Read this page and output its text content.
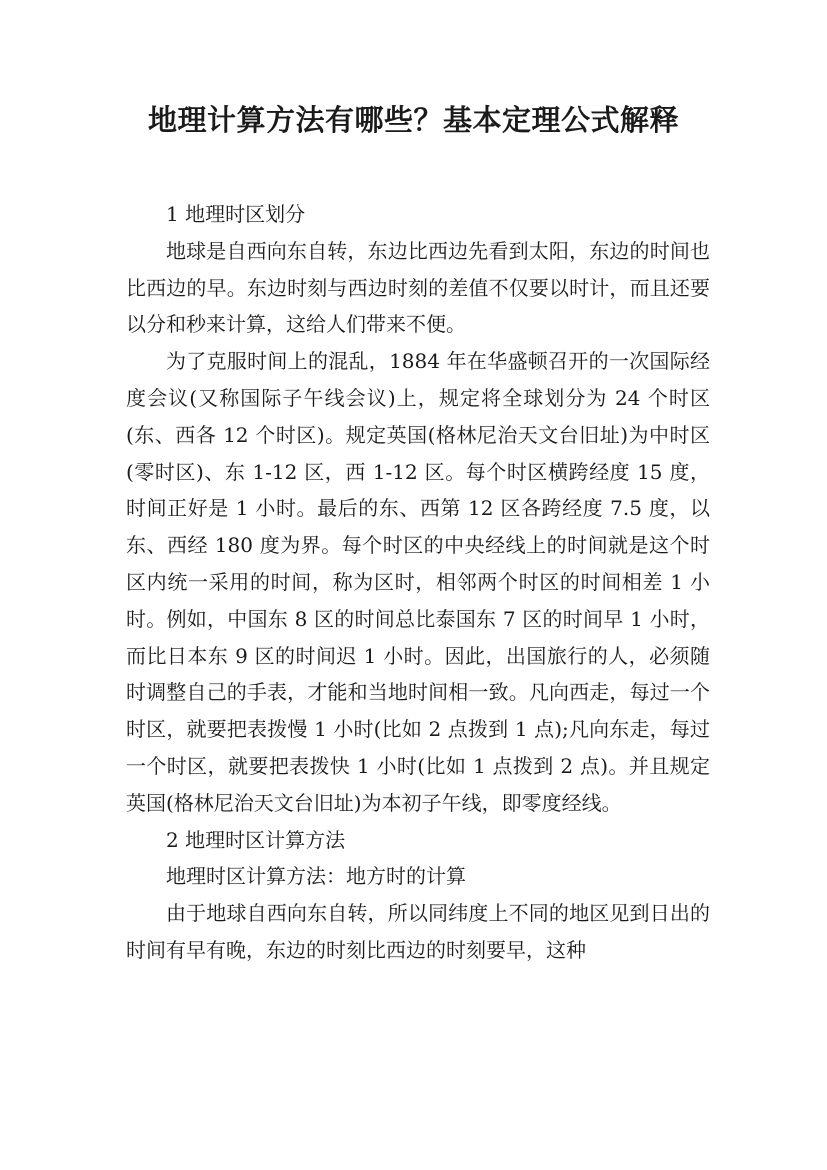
地理计算方法有哪些？基本定理公式解释

1 地理时区划分

地球是自西向东自转，东边比西边先看到太阳，东边的时间也比西边的早。东边时刻与西边时刻的差值不仅要以时计，而且还要以分和秒来计算，这给人们带来不便。

为了克服时间上的混乱，1884 年在华盛顿召开的一次国际经度会议(又称国际子午线会议)上，规定将全球划分为 24 个时区(东、西各 12 个时区)。规定英国(格林尼治天文台旧址)为中时区(零时区)、东 1-12 区，西 1-12 区。每个时区横跨经度 15 度，时间正好是 1 小时。最后的东、西第 12 区各跨经度 7.5 度，以东、西经 180 度为界。每个时区的中央经线上的时间就是这个时区内统一采用的时间，称为区时，相邻两个时区的时间相差 1 小时。例如，中国东 8 区的时间总比泰国东 7 区的时间早 1 小时，而比日本东 9 区的时间迟 1 小时。因此，出国旅行的人，必须随时调整自己的手表，才能和当地时间相一致。凡向西走，每过一个时区，就要把表拨慢 1 小时(比如 2 点拨到 1 点);凡向东走，每过一个时区，就要把表拨快 1 小时(比如 1 点拨到 2 点)。并且规定英国(格林尼治天文台旧址)为本初子午线，即零度经线。

2 地理时区计算方法

地理时区计算方法：地方时的计算

由于地球自西向东自转，所以同纬度上不同的地区见到日出的时间有早有晚，东边的时刻比西边的时刻要早，这种
